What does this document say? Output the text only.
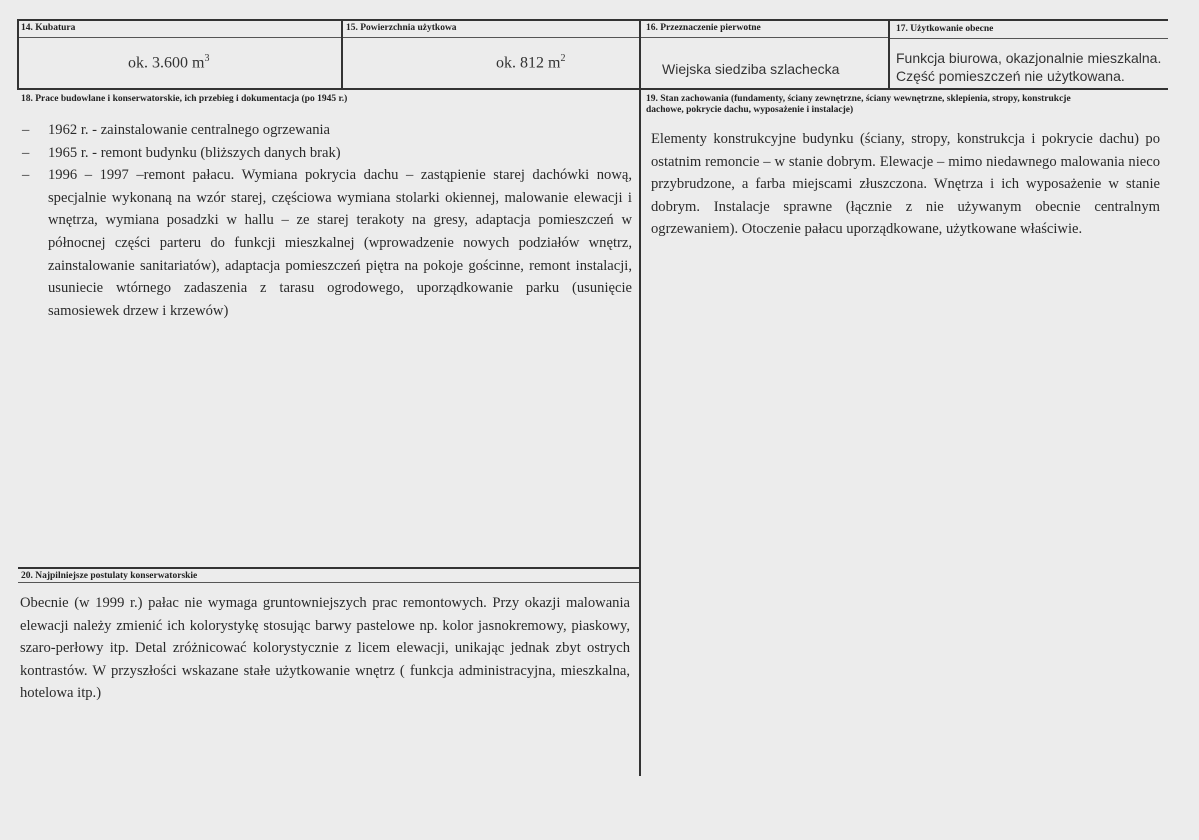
14. Kubatura
ok. 3.600 $m^3$
15. Powierzchnia użytkowa
ok. 812 $m^2$
16. Przeznaczenie pierwotne
Wiejska siedziba szlachecka
17. Użytkowanie obecne
Funkcja biurowa, okazjonalnie mieszkalna.
Część pomieszczeń nie użytkowana.
18. Prace budowlane i konserwatorskie, ich przebieg i dokumentacja (po 1945 r.)
– 1962 r. - zainstalowanie centralnego ogrzewania
– 1965 r. - remont budynku (bliższych danych brak)
– 1996 – 1997 –remont pałacu. Wymiana pokrycia dachu – zastąpienie starej dachówki nową, specjalnie wykonaną na wzór starej, częściowa wymiana stolarki okiennej, malowanie elewacji i wnętrza, wymiana posadzki w hallu – ze starej terakoty na gresy, adaptacja pomieszczeń w północnej części parteru do funkcji mieszkalnej (wprowadzenie nowych podziałów wnętrz, zainstalowanie sanitariatów), adaptacja pomieszczeń piętra na pokoje gościnne, remont instalacji, usuniecie wtórnego zadaszenia z tarasu ogrodowego, uporządkowanie parku (usunięcie samosiewek drzew i krzewów)
19. Stan zachowania (fundamenty, ściany zewnętrzne, ściany wewnętrzne, sklepienia, stropy, konstrukcje
dachowe, pokrycie dachu, wyposażenie i instalacje)
Elementy konstrukcyjne budynku (ściany, stropy, konstrukcja i pokrycie dachu) po ostatnim remoncie – w stanie dobrym. Elewacje – mimo niedawnego malowania nieco przybrudzone, a farba miejscami złuszczona. Wnętrza i ich wyposażenie w stanie dobrym. Instalacje sprawne (łącznie z nie używanym obecnie centralnym ogrzewaniem). Otoczenie pałacu uporządkowane, użytkowane właściwie.
20. Najpilniejsze postulaty konserwatorskie
Obecnie (w 1999 r.) pałac nie wymaga gruntowniejszych prac remontowych. Przy okazji malowania elewacji należy zmienić ich kolorystykę stosując barwy pastelowe np. kolor jasnokremowy, piaskowy, szaro-perłowy itp. Detal zróżnicować kolorystycznie z licem elewacji, unikając jednak zbyt ostrych kontrastów. W przyszłości wskazane stałe użytkowanie wnętrz ( funkcja administracyjna, mieszkalna, hotelowa itp.)
